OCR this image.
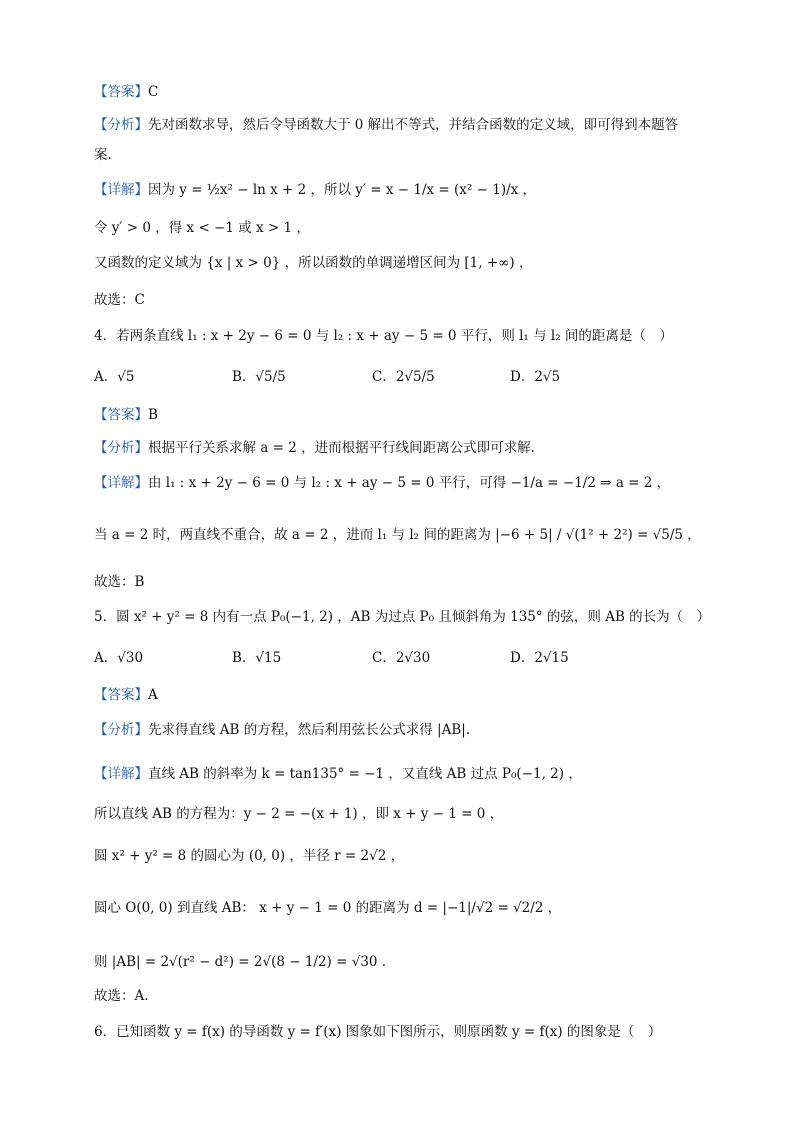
【答案】C
【分析】先对函数求导，然后令导函数大于 0 解出不等式，并结合函数的定义域，即可得到本题答
案.
【详解】因为 y = ½x² − ln x + 2 ，所以 y′ = x − 1/x = (x² − 1)/x ，
令 y′ > 0 ，得 x < −1 或 x > 1 ，
又函数的定义域为 {x | x > 0} ，所以函数的单调递增区间为 [1, +∞) ，
故选：C
4．若两条直线 l₁ : x + 2y − 6 = 0 与 l₂ : x + ay − 5 = 0 平行，则 l₁ 与 l₂ 间的距离是（　）
A．√5	B．√5/5	C．2√5/5	D．2√5
【答案】B
【分析】根据平行关系求解 a = 2 ，进而根据平行线间距离公式即可求解.
【详解】由 l₁ : x + 2y − 6 = 0 与 l₂ : x + ay − 5 = 0 平行，可得 −1/a = −1/2 ⇒ a = 2 ，
当 a = 2 时，两直线不重合，故 a = 2 ，进而 l₁ 与 l₂ 间的距离为 |−6 + 5| / √(1² + 2²) = √5/5 ，
故选：B
5．圆 x² + y² = 8 内有一点 P₀(−1, 2) ，AB 为过点 P₀ 且倾斜角为 135° 的弦，则 AB 的长为（　）
A．√30	B．√15	C．2√30	D．2√15
【答案】A
【分析】先求得直线 AB 的方程，然后利用弦长公式求得 |AB|.
【详解】直线 AB 的斜率为 k = tan135° = −1 ，又直线 AB 过点 P₀(−1, 2) ，
所以直线 AB 的方程为：y − 2 = −(x + 1) ，即 x + y − 1 = 0 ，
圆 x² + y² = 8 的圆心为 (0, 0) ，半径 r = 2√2 ，
圆心 O(0, 0) 到直线 AB： x + y − 1 = 0 的距离为 d = |−1|/√2 = √2/2 ，
则 |AB| = 2√(r² − d²) = 2√(8 − 1/2) = √30 .
故选：A.
6．已知函数 y = f(x) 的导函数 y = f′(x) 图象如下图所示，则原函数 y = f(x) 的图象是（　）
